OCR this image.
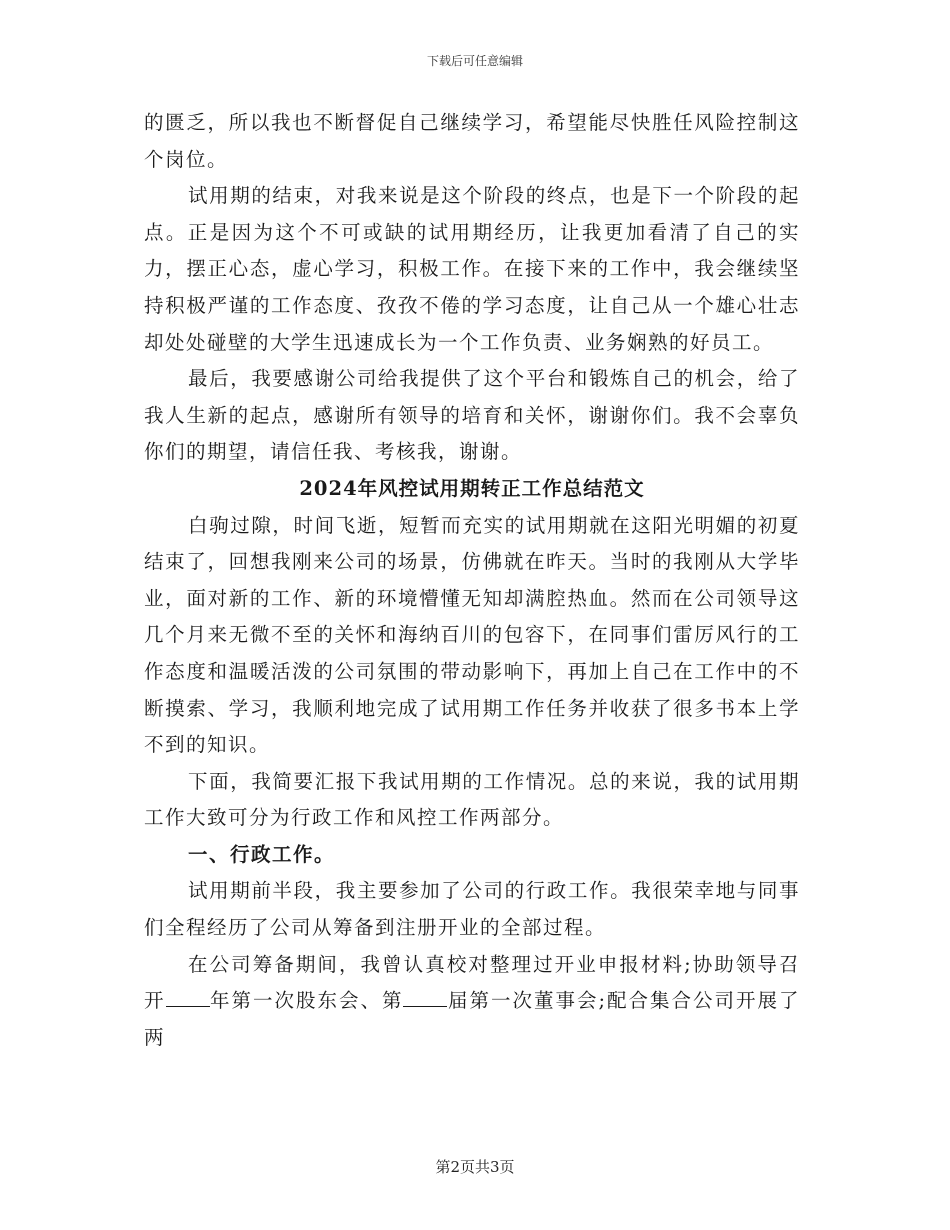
下载后可任意编辑

的匮乏，所以我也不断督促自己继续学习，希望能尽快胜任风险控制这个岗位。

试用期的结束，对我来说是这个阶段的终点，也是下一个阶段的起点。正是因为这个不可或缺的试用期经历，让我更加看清了自己的实力，摆正心态，虚心学习，积极工作。在接下来的工作中，我会继续坚持积极严谨的工作态度、孜孜不倦的学习态度，让自己从一个雄心壮志却处处碰壁的大学生迅速成长为一个工作负责、业务娴熟的好员工。

最后，我要感谢公司给我提供了这个平台和锻炼自己的机会，给了我人生新的起点，感谢所有领导的培育和关怀，谢谢你们。我不会辜负你们的期望，请信任我、考核我，谢谢。

2024年风控试用期转正工作总结范文

白驹过隙，时间飞逝，短暂而充实的试用期就在这阳光明媚的初夏结束了，回想我刚来公司的场景，仿佛就在昨天。当时的我刚从大学毕业，面对新的工作、新的环境懵懂无知却满腔热血。然而在公司领导这几个月来无微不至的关怀和海纳百川的包容下，在同事们雷厉风行的工作态度和温暖活泼的公司氛围的带动影响下，再加上自己在工作中的不断摸索、学习，我顺利地完成了试用期工作任务并收获了很多书本上学不到的知识。

下面，我简要汇报下我试用期的工作情况。总的来说，我的试用期工作大致可分为行政工作和风控工作两部分。

一、行政工作。

试用期前半段，我主要参加了公司的行政工作。我很荣幸地与同事们全程经历了公司从筹备到注册开业的全部过程。

在公司筹备期间，我曾认真校对整理过开业申报材料;协助领导召开 年第一次股东会、第 届第一次董事会;配合集合公司开展了两

第2页共3页
